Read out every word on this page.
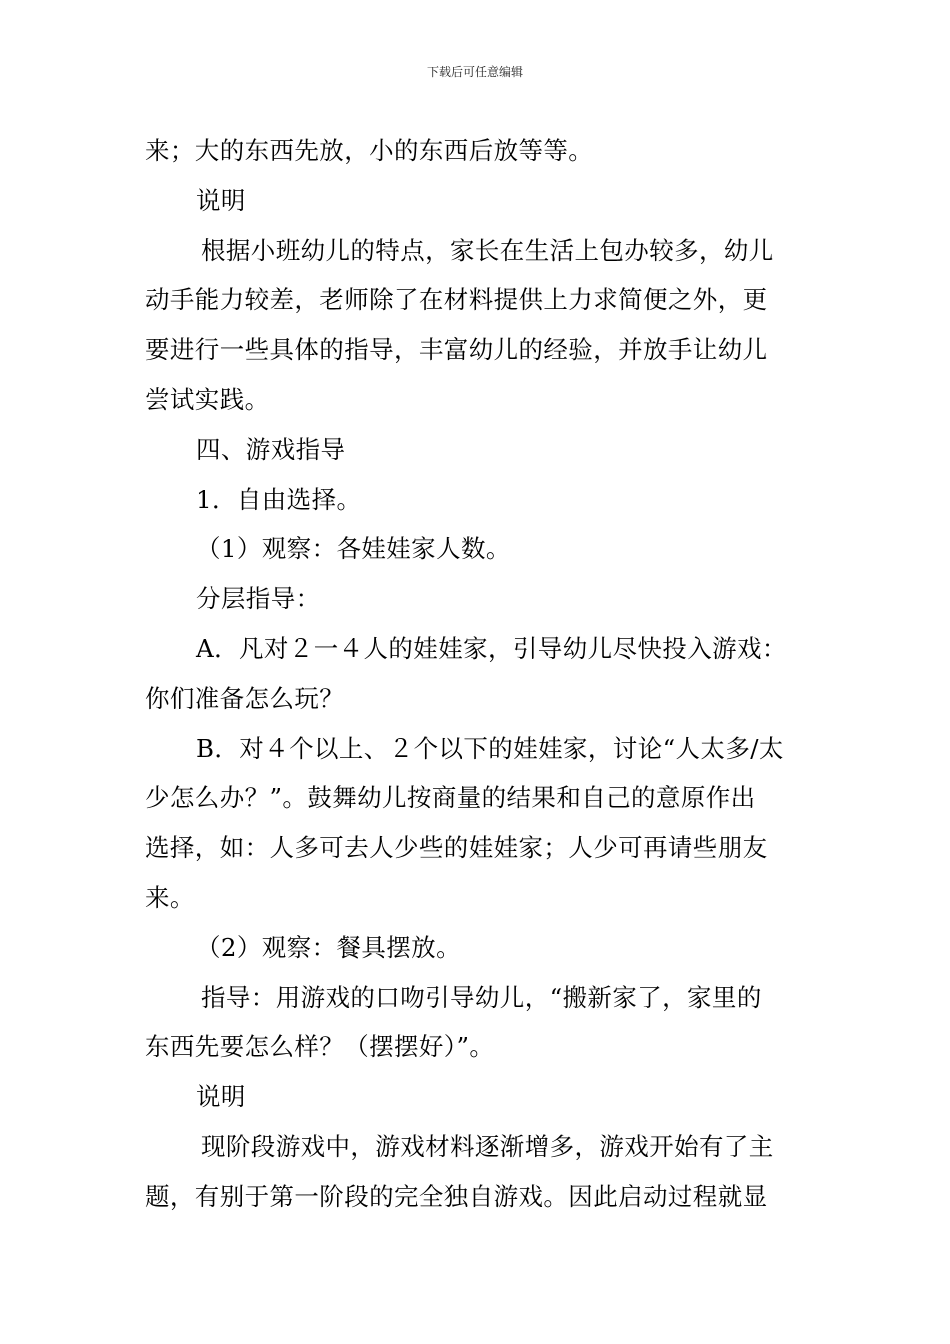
下载后可任意编辑
来；大的东西先放，小的东西后放等等。
说明
根据小班幼儿的特点，家长在生活上包办较多，幼儿
动手能力较差，老师除了在材料提供上力求简便之外，更
要进行一些具体的指导，丰富幼儿的经验，并放手让幼儿
尝试实践。
四、游戏指导
1．自由选择。
（1）观察：各娃娃家人数。
分层指导：
A．凡对２一４人的娃娃家，引导幼儿尽快投入游戏：
你们准备怎么玩？
B．对４个以上、２个以下的娃娃家，讨论“人太多/太
少怎么办？”。鼓舞幼儿按商量的结果和自己的意原作出
选择，如：人多可去人少些的娃娃家；人少可再请些朋友
来。
（2）观察：餐具摆放。
指导：用游戏的口吻引导幼儿，“搬新家了，家里的
东西先要怎么样？（摆摆好）”。
说明
现阶段游戏中，游戏材料逐渐增多，游戏开始有了主
题，有别于第一阶段的完全独自游戏。因此启动过程就显
